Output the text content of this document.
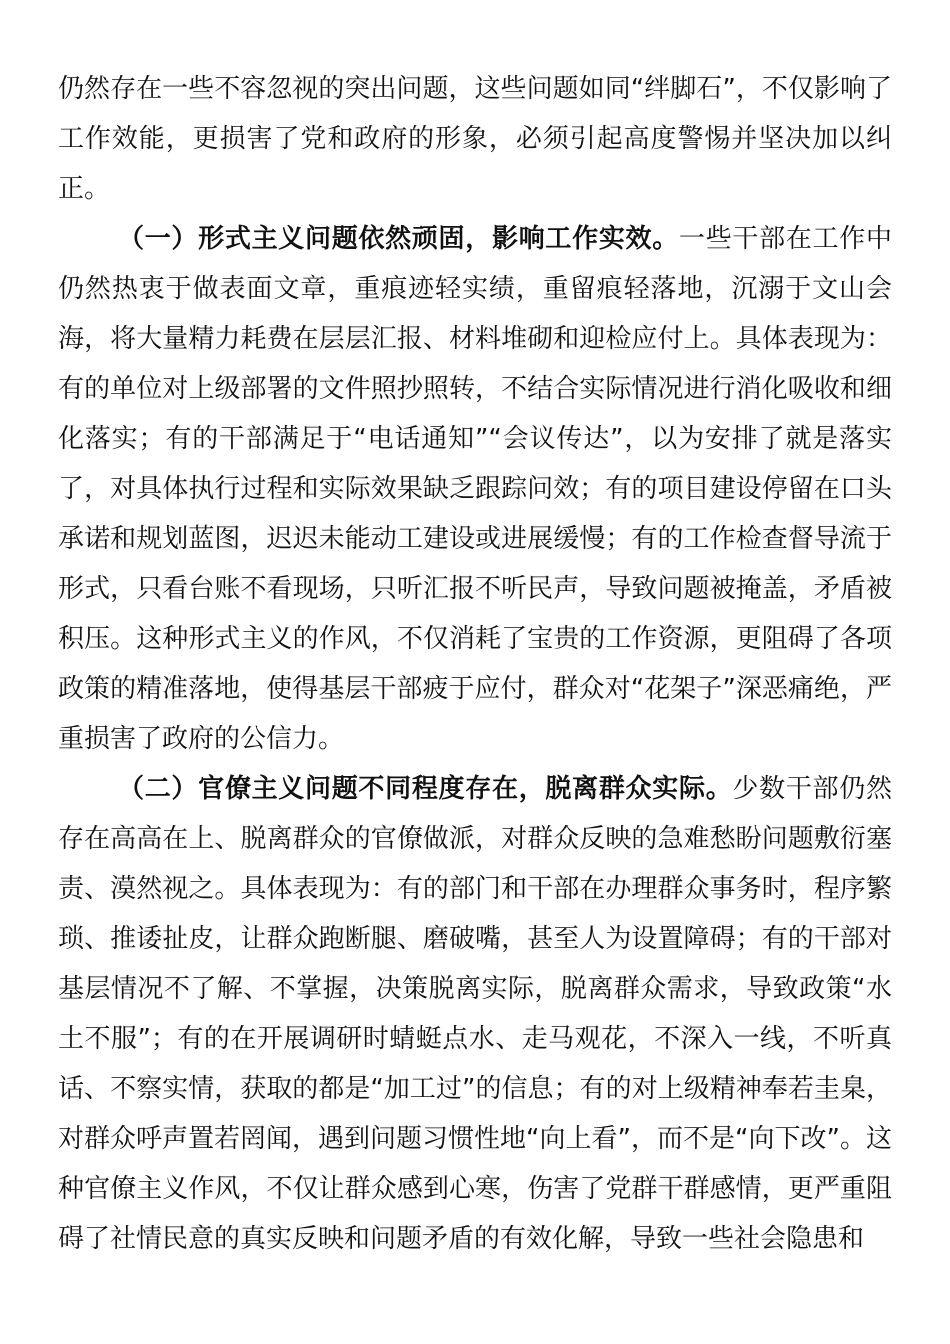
仍然存在一些不容忽视的突出问题，这些问题如同“绊脚石”，不仅影响了工作效能，更损害了党和政府的形象，必须引起高度警惕并坚决加以纠正。

（一）形式主义问题依然顽固，影响工作实效。一些干部在工作中仍然热衷于做表面文章，重痕迹轻实绩，重留痕轻落地，沉溺于文山会海，将大量精力耗费在层层汇报、材料堆砌和迎检应付上。具体表现为：有的单位对上级部署的文件照抄照转，不结合实际情况进行消化吸收和细化落实；有的干部满足于“电话通知”“会议传达”，以为安排了就是落实了，对具体执行过程和实际效果缺乏跟踪问效；有的项目建设停留在口头承诺和规划蓝图，迟迟未能动工建设或进展缓慢；有的工作检查督导流于形式，只看台账不看现场，只听汇报不听民声，导致问题被掩盖，矛盾被积压。这种形式主义的作风，不仅消耗了宝贵的工作资源，更阻碍了各项政策的精准落地，使得基层干部疲于应付，群众对“花架子”深恶痛绝，严重损害了政府的公信力。

（二）官僚主义问题不同程度存在，脱离群众实际。少数干部仍然存在高高在上、脱离群众的官僚做派，对群众反映的急难愁盼问题敷衍塞责、漠然视之。具体表现为：有的部门和干部在办理群众事务时，程序繁琐、推诿扯皮，让群众跑断腿、磨破嘴，甚至人为设置障碍；有的干部对基层情况不了解、不掌握，决策脱离实际，脱离群众需求，导致政策“水土不服”；有的在开展调研时蜻蜓点水、走马观花，不深入一线，不听真话、不察实情，获取的都是“加工过”的信息；有的对上级精神奉若圭臬，对群众呼声置若罔闻，遇到问题习惯性地“向上看”，而不是“向下改”。这种官僚主义作风，不仅让群众感到心寒，伤害了党群干群感情，更严重阻碍了社情民意的真实反映和问题矛盾的有效化解，导致一些社会隐患和
